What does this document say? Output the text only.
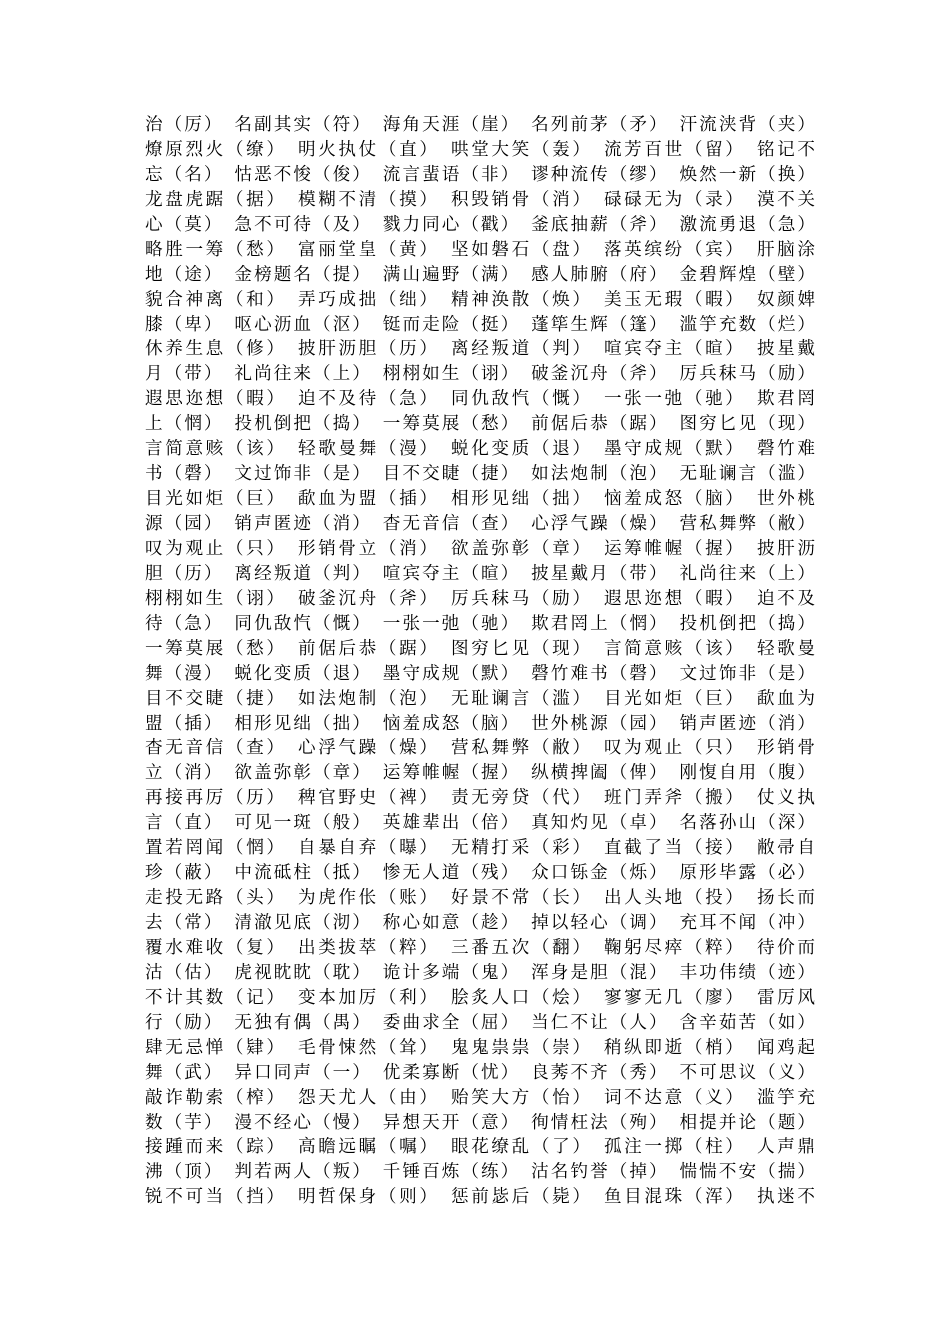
治（厉）　名副其实（符）　海角天涯（崖）　名列前茅（矛）　汗流浃背（夹）
燎原烈火（缭）　明火执仗（直）　哄堂大笑（轰）　流芳百世（留）　铭记不
忘（名）　怙恶不悛（俊）　流言蜚语（非）　谬种流传（缪）　焕然一新（换）
龙盘虎踞（据）　模糊不清（摸）　积毁销骨（消）　碌碌无为（录）　漠不关
心（莫）　急不可待（及）　戮力同心（戳）　釜底抽薪（斧）　激流勇退（急）
略胜一筹（愁）　富丽堂皇（黄）　坚如磐石（盘）　落英缤纷（宾）　肝脑涂
地（途）　金榜题名（提）　满山遍野（满）　感人肺腑（府）　金碧辉煌（壁）
貌合神离（和）　弄巧成拙（绌）　精神涣散（焕）　美玉无瑕（暇）　奴颜婢
膝（卑）　呕心沥血（沤）　铤而走险（挺）　蓬筚生辉（篷）　滥竽充数（烂）
休养生息（修）　披肝沥胆（历）　离经叛道（判）　喧宾夺主（暄）　披星戴
月（带）　礼尚往来（上）　栩栩如生（诩）　破釜沉舟（斧）　厉兵秣马（励）
遐思迩想（暇）　迫不及待（急）　同仇敌忾（慨）　一张一弛（驰）　欺君罔
上（惘）　投机倒把（捣）　一筹莫展（愁）　前倨后恭（踞）　图穷匕见（现）
言简意赅（该）　轻歌曼舞（漫）　蜕化变质（退）　墨守成规（默）　磬竹难
书（磬）　文过饰非（是）　目不交睫（捷）　如法炮制（泡）　无耻谰言（滥）
目光如炬（巨）　歃血为盟（插）　相形见绌（拙）　恼羞成怒（脑）　世外桃
源（园）　销声匿迹（消）　杳无音信（查）　心浮气躁（燥）　营私舞弊（敝）
叹为观止（只）　形销骨立（消）　欲盖弥彰（章）　运筹帷幄（握）　披肝沥
胆（历）　离经叛道（判）　喧宾夺主（暄）　披星戴月（带）　礼尚往来（上）
栩栩如生（诩）　破釜沉舟（斧）　厉兵秣马（励）　遐思迩想（暇）　迫不及
待（急）　同仇敌忾（慨）　一张一弛（驰）　欺君罔上（惘）　投机倒把（捣）
一筹莫展（愁）　前倨后恭（踞）　图穷匕见（现）　言简意赅（该）　轻歌曼
舞（漫）　蜕化变质（退）　墨守成规（默）　磬竹难书（磬）　文过饰非（是）
目不交睫（捷）　如法炮制（泡）　无耻谰言（滥）　目光如炬（巨）　歃血为
盟（插）　相形见绌（拙）　恼羞成怒（脑）　世外桃源（园）　销声匿迹（消）
杳无音信（查）　心浮气躁（燥）　营私舞弊（敝）　叹为观止（只）　形销骨
立（消）　欲盖弥彰（章）　运筹帷幄（握）　纵横捭阖（俾）　刚愎自用（腹）
再接再厉（历）　稗官野史（裨）　责无旁贷（代）　班门弄斧（搬）　仗义执
言（直）　可见一斑（般）　英雄辈出（倍）　真知灼见（卓）　名落孙山（深）
置若罔闻（惘）　自暴自弃（曝）　无精打采（彩）　直截了当（接）　敝帚自
珍（蔽）　中流砥柱（抵）　惨无人道（残）　众口铄金（烁）　原形毕露（必）
走投无路（头）　为虎作伥（账）　好景不常（长）　出人头地（投）　扬长而
去（常）　清澈见底（沏）　称心如意（趁）　掉以轻心（调）　充耳不闻（冲）
覆水难收（复）　出类拔萃（粹）　三番五次（翻）　鞠躬尽瘁（粹）　待价而
沽（估）　虎视眈眈（耽）　诡计多端（鬼）　浑身是胆（混）　丰功伟绩（迹）
不计其数（记）　变本加厉（利）　脍炙人口（烩）　寥寥无几（廖）　雷厉风
行（励）　无独有偶（禺）　委曲求全（屈）　当仁不让（人）　含辛茹苦（如）
肆无忌惮（肄）　毛骨悚然（耸）　鬼鬼祟祟（崇）　稍纵即逝（梢）　闻鸡起
舞（武）　异口同声（一）　优柔寡断（忧）　良莠不齐（秀）　不可思议（义）
敲诈勒索（榨）　怨天尤人（由）　贻笑大方（怡）　词不达意（义）　滥竽充
数（芋）　漫不经心（慢）　异想天开（意）　徇情枉法（殉）　相提并论（题）
接踵而来（踪）　高瞻远瞩（嘱）　眼花缭乱（了）　孤注一掷（柱）　人声鼎
沸（顶）　判若两人（叛）　千锤百炼（练）　沽名钓誉（掉）　惴惴不安（揣）
锐不可当（挡）　明哲保身（则）　惩前毖后（毙）　鱼目混珠（浑）　执迷不
